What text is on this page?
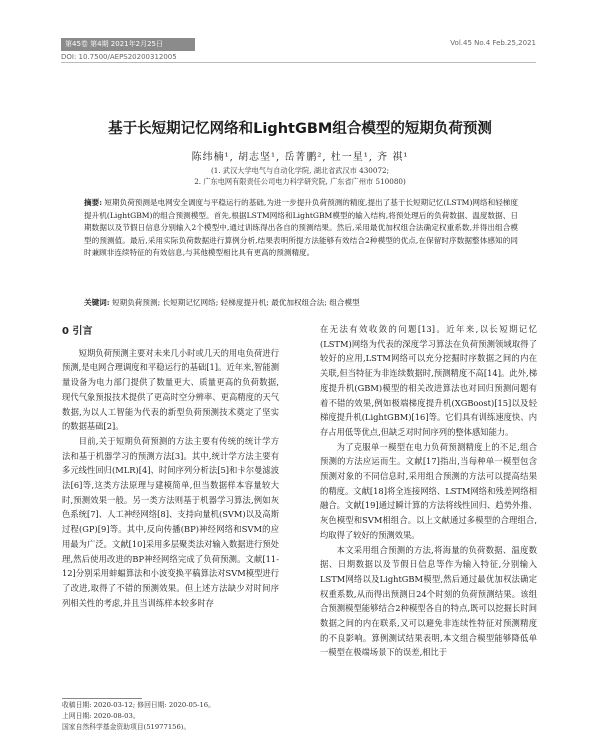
第45卷 第4期 2021年2月25日	Vol.45 No.4 Feb.25,2021
DOI: 10.7500/AEPS20200312005
基于长短期记忆网络和LightGBM组合模型的短期负荷预测
陈纬楠¹, 胡志坚¹, 岳菁鹏², 杜一星¹, 齐 祺¹
(1. 武汉大学电气与自动化学院, 湖北省武汉市 430072;
2. 广东电网有限责任公司电力科学研究院, 广东省广州市 510080)
摘要: 短期负荷预测是电网安全调度与平稳运行的基础,为进一步提升负荷预测的精度,提出了基于长短期记忆(LSTM)网络和轻梯度提升机(LightGBM)的组合预测模型。首先,根据LSTM网络和LightGBM模型的输入结构,将预处理后的负荷数据、温度数据、日期数据以及节假日信息分别输入2个模型中,通过训练得出各自的预测结果。然后,采用最优加权组合法确定权重系数,并得出组合模型的预测值。最后,采用实际负荷数据进行算例分析,结果表明所提方法能够有效结合2种模型的优点,在保留时序数据整体感知的同时兼顾非连续特征的有效信息,与其他模型相比具有更高的预测精度。
关键词: 短期负荷预测; 长短期记忆网络; 轻梯度提升机; 最优加权组合法; 组合模型
0 引言

短期负荷预测主要对未来几小时或几天的用电负荷进行预测,是电网合理调度和平稳运行的基础[1]。近年来,智能测量设备为电力部门提供了数量更大、质量更高的负荷数据,现代气象预报技术提供了更高时空分辨率、更高精度的天气数据,为以人工智能为代表的新型负荷预测技术奠定了坚实的数据基础[2]。

目前,关于短期负荷预测的方法主要有传统的统计学方法和基于机器学习的预测方法[3]。其中,统计学方法主要有多元线性回归(MLR)[4]、时间序列分析法[5]和卡尔曼滤波法[6]等,这类方法原理与建模简单,但当数据样本容量较大时,预测效果一般。另一类方法则基于机器学习算法,例如灰色系统[7]、人工神经网络[8]、支持向量机(SVM)以及高斯过程(GP)[9]等。其中,反向传播(BP)神经网络和SVM的应用最为广泛。文献[10]采用多层聚类法对输入数据进行预处理,然后使用改进的BP神经网络完成了负荷预测。文献[11-12]分别采用蚌蝠算法和小波变换平稿算法对SVM模型进行了改进,取得了不错的预测效果。但上述方法缺少对时间序列相关性的考虑,并且当训练样本较多时存

在无法有效收敛的问题[13]。近年来,以长短期记忆(LSTM)网络为代表的深度学习算法在负荷预测领域取得了较好的应用,LSTM网络可以充分挖掘时序数据之间的内在关联,但当特征为非连续数据时,预测精度不高[14]。此外,梯度提升机(GBM)模型的相关改进算法也对回归预测问题有着不错的效果,例如极端梯度提升机(XGBoost)[15]以及轻梯度提升机(LightGBM)[16]等。它们具有训练速度快、内存占用低等优点,但缺乏对时间序列的整体感知能力。

为了克服单一模型在电力负荷预测精度上的不足,组合预测的方法应运而生。文献[17]指出,当每种单一模型包含预测对象的不同信息时,采用组合预测的方法可以提高结果的精度。文献[18]将全连接网络、LSTM网络和残差网络相融合。文献[19]通过瞬计算的方法将线性回归、趋势外推、灰色模型和SVM相组合。以上文献通过多模型的合理组合,均取得了较好的预测效果。

本文采用组合预测的方法,将海量的负荷数据、温度数据、日期数据以及节假日信息等作为输入特征,分别输入LSTM网络以及LightGBM模型,然后通过最优加权法确定权重系数,从而得出预测日24个时刻的负荷预测结果。该组合预测模型能够结合2种模型各自的特点,既可以挖掘长时间数据之间的内在联系,又可以避免非连续性特征对预测精度的不良影响。算例测试结果表明,本文组合模型能够降低单一模型在极端场景下的误差,相比于

收稿日期: 2020-03-12; 修回日期: 2020-05-16。
上网日期: 2020-08-03。
国家自然科学基金资助项目(51977156)。
